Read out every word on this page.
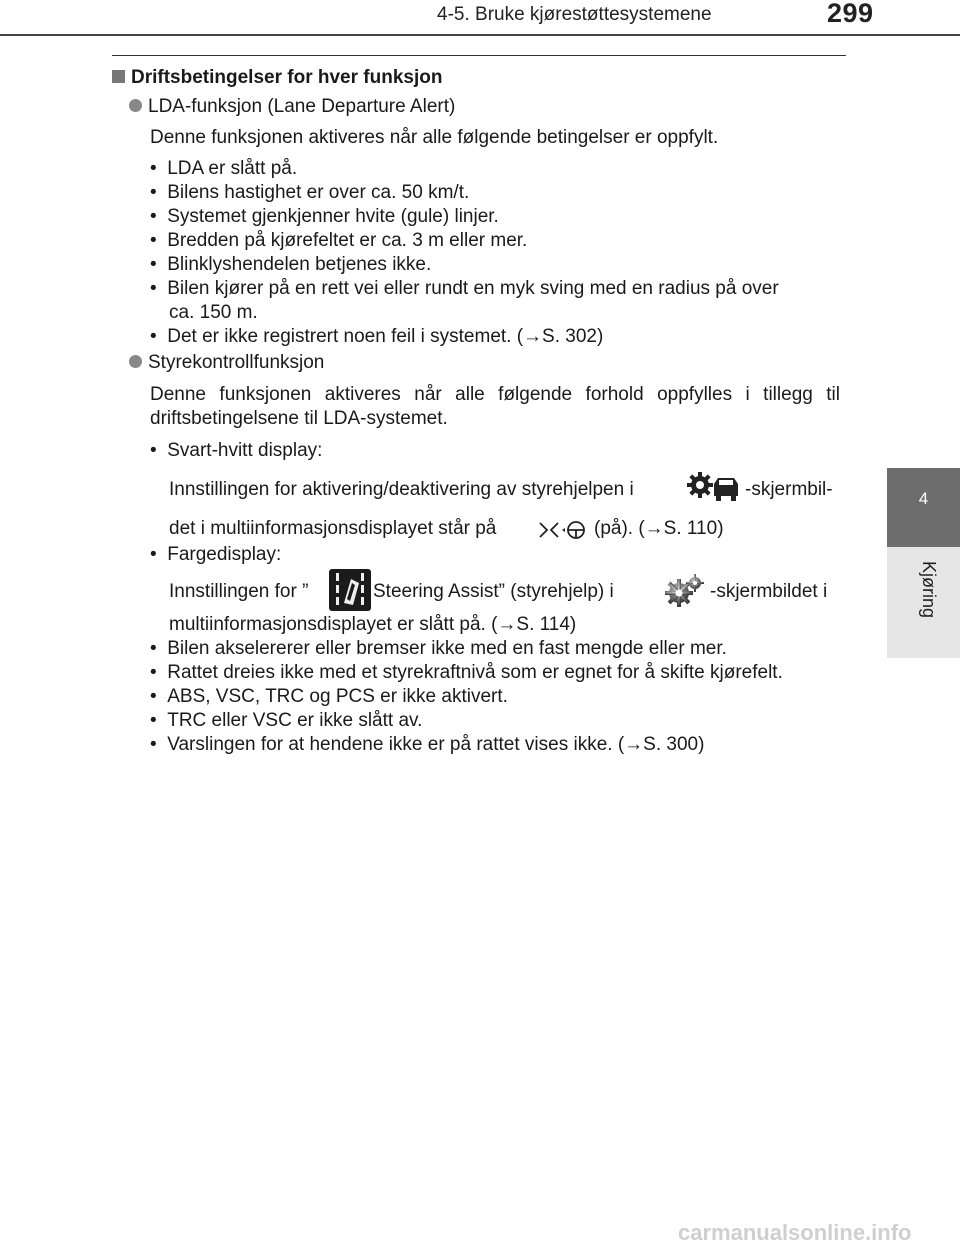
4-5. Bruke kjørestøttesystemene	299
4
Kjøring
Driftsbetingelser for hver funksjon
LDA-funksjon (Lane Departure Alert)
Denne funksjonen aktiveres når alle følgende betingelser er oppfylt.
•  LDA er slått på.
•  Bilens hastighet er over ca. 50 km/t.
•  Systemet gjenkjenner hvite (gule) linjer.
•  Bredden på kjørefeltet er ca. 3 m eller mer.
•  Blinklyshendelen betjenes ikke.
•  Bilen kjører på en rett vei eller rundt en myk sving med en radius på over
ca. 150 m.
•  Det er ikke registrert noen feil i systemet. (→S. 302)
Styrekontrollfunksjon
Denne funksjonen aktiveres når alle følgende forhold oppfylles i tillegg til
driftsbetingelsene til LDA-systemet.
•  Svart-hvitt display:
Innstillingen for aktivering/deaktivering av styrehjelpen i	-skjermbil-
det i multiinformasjonsdisplayet står på	(på). (→S. 110)
•  Fargedisplay:
Innstillingen for ”	Steering Assist” (styrehjelp) i	-skjermbildet i
multiinformasjonsdisplayet er slått på. (→S. 114)
•  Bilen akselererer eller bremser ikke med en fast mengde eller mer.
•  Rattet dreies ikke med et styrekraftnivå som er egnet for å skifte kjørefelt.
•  ABS, VSC, TRC og PCS er ikke aktivert.
•  TRC eller VSC er ikke slått av.
•  Varslingen for at hendene ikke er på rattet vises ikke. (→S. 300)
carmanualsonline.info
